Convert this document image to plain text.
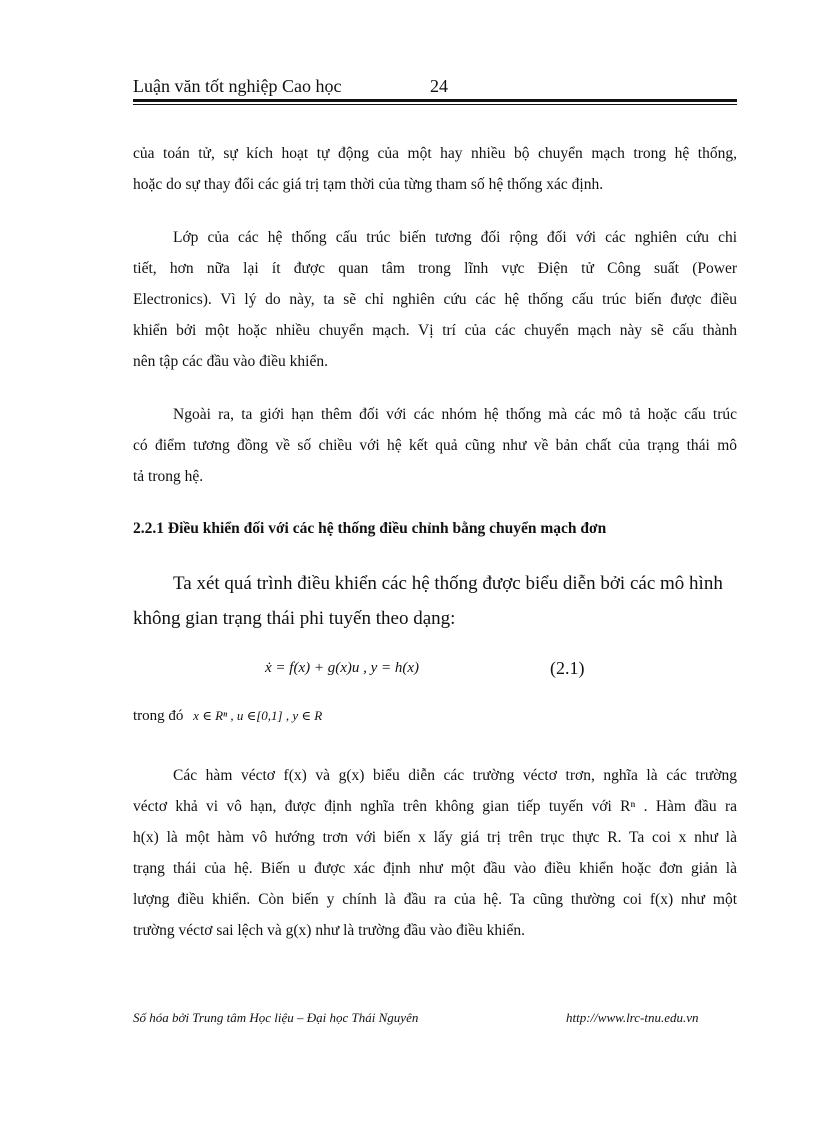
Luận văn tốt nghiệp Cao học	24
của toán tử, sự kích hoạt tự động của một hay nhiều bộ chuyển mạch trong hệ thống,
hoặc do sự thay đổi các giá trị tạm thời của từng tham số hệ thống xác định.
Lớp của các hệ thống cấu trúc biến tương đối rộng đối với các nghiên cứu chi
tiết, hơn nữa lại ít được quan tâm trong lĩnh vực Điện tử Công suất (Power
Electronics). Vì lý do này, ta sẽ chỉ nghiên cứu các hệ thống cấu trúc biến được điều
khiển bởi một hoặc nhiều chuyển mạch. Vị trí của các chuyển mạch này sẽ cấu thành
nên tập các đầu vào điều khiển.
Ngoài ra, ta giới hạn thêm đối với các nhóm hệ thống mà các mô tả hoặc cấu trúc
có điểm tương đồng về số chiều với hệ kết quả cũng như về bản chất của trạng thái mô
tả trong hệ.
2.2.1 Điều khiển đối với các hệ thống điều chỉnh bằng chuyển mạch đơn
Ta xét quá trình điều khiển các hệ thống được biểu diễn bởi các mô hình
không gian trạng thái phi tuyến theo dạng:
ẋ = f(x) + g(x)u , y = h(x)	(2.1)
trong đó x ∈ Rⁿ , u ∈[0,1] , y ∈ R
Các hàm véctơ f(x) và g(x) biểu diễn các trường véctơ trơn, nghĩa là các trường
véctơ khả vi vô hạn, được định nghĩa trên không gian tiếp tuyến với Rⁿ . Hàm đầu ra
h(x) là một hàm vô hướng trơn với biến x lấy giá trị trên trục thực R. Ta coi x như là
trạng thái của hệ. Biến u được xác định như một đầu vào điều khiển hoặc đơn giản là
lượng điều khiển. Còn biến y chính là đầu ra của hệ. Ta cũng thường coi f(x) như một
trường véctơ sai lệch và g(x) như là trường đầu vào điều khiển.
Số hóa bởi Trung tâm Học liệu – Đại học Thái Nguyên	http://www.lrc-tnu.edu.vn
